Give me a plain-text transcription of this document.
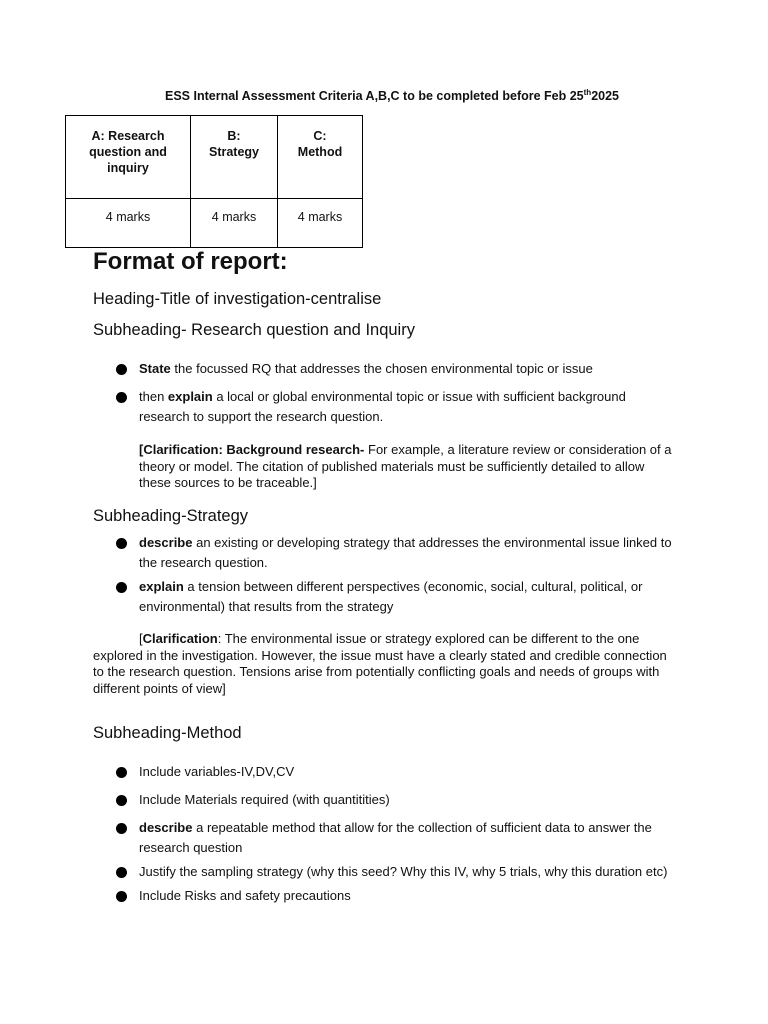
ESS Internal Assessment Criteria A,B,C to be completed before Feb 25th2025
A: Research
question and
inquiry	B:
Strategy	C:
Method

4 marks	4 marks	4 marks
Format of report:
Heading-Title of investigation-centralise
Subheading- Research question and Inquiry
State the focussed RQ that addresses the chosen environmental topic or issue
then explain a local or global environmental topic or issue with sufficient background research to support the research question.
[Clarification: Background research- For example, a literature review or consideration of a theory or model. The citation of published materials must be sufficiently detailed to allow these sources to be traceable.]
Subheading-Strategy
describe an existing or developing strategy that addresses the environmental issue linked to the research question.
explain a tension between different perspectives (economic, social, cultural, political, or environmental) that results from the strategy
[Clarification: The environmental issue or strategy explored can be different to the one explored in the investigation. However, the issue must have a clearly stated and credible connection to the research question. Tensions arise from potentially conflicting goals and needs of groups with different points of view]
Subheading-Method
Include variables-IV,DV,CV
Include Materials required (with quantitities)
describe a repeatable method that allow for the collection of sufficient data to answer the research question
Justify the sampling strategy (why this seed? Why this IV, why 5 trials, why this duration etc)
Include Risks and safety precautions
